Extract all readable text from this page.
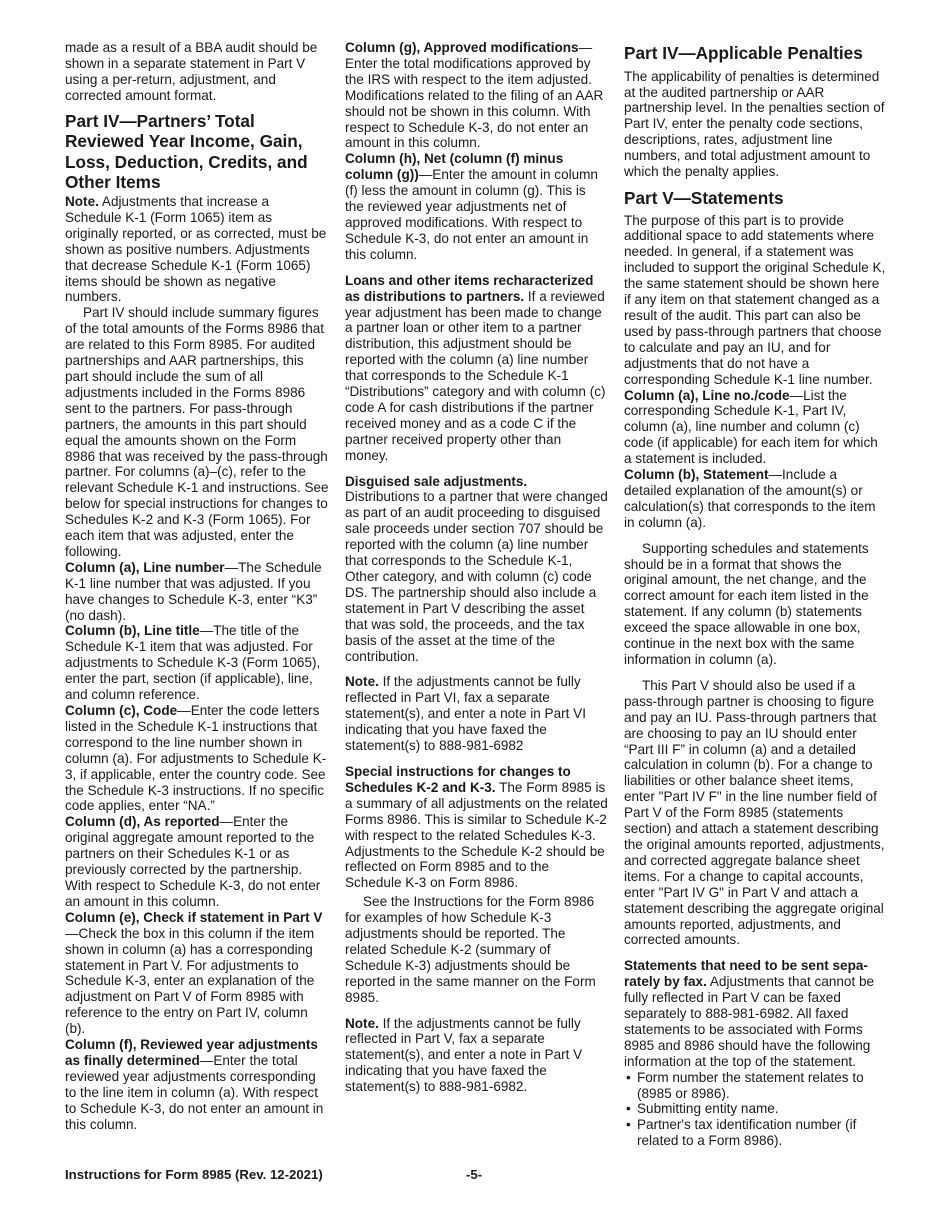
made as a result of a BBA audit should be shown in a separate statement in Part V using a per-return, adjustment, and corrected amount format.

Part IV—Partners’ Total Reviewed Year Income, Gain, Loss, Deduction, Credits, and Other Items

Note. Adjustments that increase a Schedule K-1 (Form 1065) item as originally reported, or as corrected, must be shown as positive numbers. Adjustments that decrease Schedule K-1 (Form 1065) items should be shown as negative numbers.

Part IV should include summary figures of the total amounts of the Forms 8986 that are related to this Form 8985. For audited partnerships and AAR partnerships, this part should include the sum of all adjustments included in the Forms 8986 sent to the partners. For pass-through partners, the amounts in this part should equal the amounts shown on the Form 8986 that was received by the pass-through partner. For columns (a)–(c), refer to the relevant Schedule K-1 and instructions. See below for special instructions for changes to Schedules K-2 and K-3 (Form 1065). For each item that was adjusted, enter the following.

Column (a), Line number—The Schedule K-1 line number that was adjusted. If you have changes to Schedule K-3, enter “K3” (no dash).

Column (b), Line title—The title of the Schedule K-1 item that was adjusted. For adjustments to Schedule K-3 (Form 1065), enter the part, section (if applicable), line, and column reference.

Column (c), Code—Enter the code letters listed in the Schedule K-1 instructions that correspond to the line number shown in column (a). For adjustments to Schedule K-3, if applicable, enter the country code. See the Schedule K-3 instructions. If no specific code applies, enter “NA.”

Column (d), As reported—Enter the original aggregate amount reported to the partners on their Schedules K-1 or as previously corrected by the partnership. With respect to Schedule K-3, do not enter an amount in this column.

Column (e), Check if statement in Part V—Check the box in this column if the item shown in column (a) has a corresponding statement in Part V. For adjustments to Schedule K-3, enter an explanation of the adjustment on Part V of Form 8985 with reference to the entry on Part IV, column (b).

Column (f), Reviewed year adjustments as finally determined—Enter the total reviewed year adjustments corresponding to the line item in column (a). With respect to Schedule K-3, do not enter an amount in this column.

Column (g), Approved modifications—Enter the total modifications approved by the IRS with respect to the item adjusted. Modifications related to the filing of an AAR should not be shown in this column. With respect to Schedule K-3, do not enter an amount in this column.

Column (h), Net (column (f) minus column (g))—Enter the amount in column (f) less the amount in column (g). This is the reviewed year adjustments net of approved modifications. With respect to Schedule K-3, do not enter an amount in this column.

Loans and other items recharacterized as distributions to partners. If a reviewed year adjustment has been made to change a partner loan or other item to a partner distribution, this adjustment should be reported with the column (a) line number that corresponds to the Schedule K-1 “Distributions” category and with column (c) code A for cash distributions if the partner received money and as a code C if the partner received property other than money.

Disguised sale adjustments.

Distributions to a partner that were changed as part of an audit proceeding to disguised sale proceeds under section 707 should be reported with the column (a) line number that corresponds to the Schedule K-1, Other category, and with column (c) code DS. The partnership should also include a statement in Part V describing the asset that was sold, the proceeds, and the tax basis of the asset at the time of the contribution.

Note. If the adjustments cannot be fully reflected in Part VI, fax a separate statement(s), and enter a note in Part VI indicating that you have faxed the statement(s) to 888-981-6982

Special instructions for changes to Schedules K-2 and K-3. The Form 8985 is a summary of all adjustments on the related Forms 8986. This is similar to Schedule K-2 with respect to the related Schedules K-3. Adjustments to the Schedule K-2 should be reflected on Form 8985 and to the Schedule K-3 on Form 8986.

See the Instructions for the Form 8986 for examples of how Schedule K-3 adjustments should be reported. The related Schedule K-2 (summary of Schedule K-3) adjustments should be reported in the same manner on the Form 8985.

Note. If the adjustments cannot be fully reflected in Part V, fax a separate statement(s), and enter a note in Part V indicating that you have faxed the statement(s) to 888-981-6982.

Part IV—Applicable Penalties

The applicability of penalties is determined at the audited partnership or AAR partnership level. In the penalties section of Part IV, enter the penalty code sections, descriptions, rates, adjustment line numbers, and total adjustment amount to which the penalty applies.

Part V—Statements

The purpose of this part is to provide additional space to add statements where needed. In general, if a statement was included to support the original Schedule K, the same statement should be shown here if any item on that statement changed as a result of the audit. This part can also be used by pass-through partners that choose to calculate and pay an IU, and for adjustments that do not have a corresponding Schedule K-1 line number.

Column (a), Line no./code—List the corresponding Schedule K-1, Part IV, column (a), line number and column (c) code (if applicable) for each item for which a statement is included.

Column (b), Statement—Include a detailed explanation of the amount(s) or calculation(s) that corresponds to the item in column (a).

Supporting schedules and statements should be in a format that shows the original amount, the net change, and the correct amount for each item listed in the statement. If any column (b) statements exceed the space allowable in one box, continue in the next box with the same information in column (a).

This Part V should also be used if a pass-through partner is choosing to figure and pay an IU. Pass-through partners that are choosing to pay an IU should enter “Part III F” in column (a) and a detailed calculation in column (b). For a change to liabilities or other balance sheet items, enter "Part IV F" in the line number field of Part V of the Form 8985 (statements section) and attach a statement describing the original amounts reported, adjustments, and corrected aggregate balance sheet items. For a change to capital accounts, enter "Part IV G" in Part V and attach a statement describing the aggregate original amounts reported, adjustments, and corrected amounts.

Statements that need to be sent sepa-rately by fax. Adjustments that cannot be fully reflected in Part V can be faxed separately to 888-981-6982. All faxed statements to be associated with Forms 8985 and 8986 should have the following information at the top of the statement.

• Form number the statement relates to (8985 or 8986).
• Submitting entity name.
• Partner's tax identification number (if related to a Form 8986).
Instructions for Form 8985 (Rev. 12-2021)	-5-
